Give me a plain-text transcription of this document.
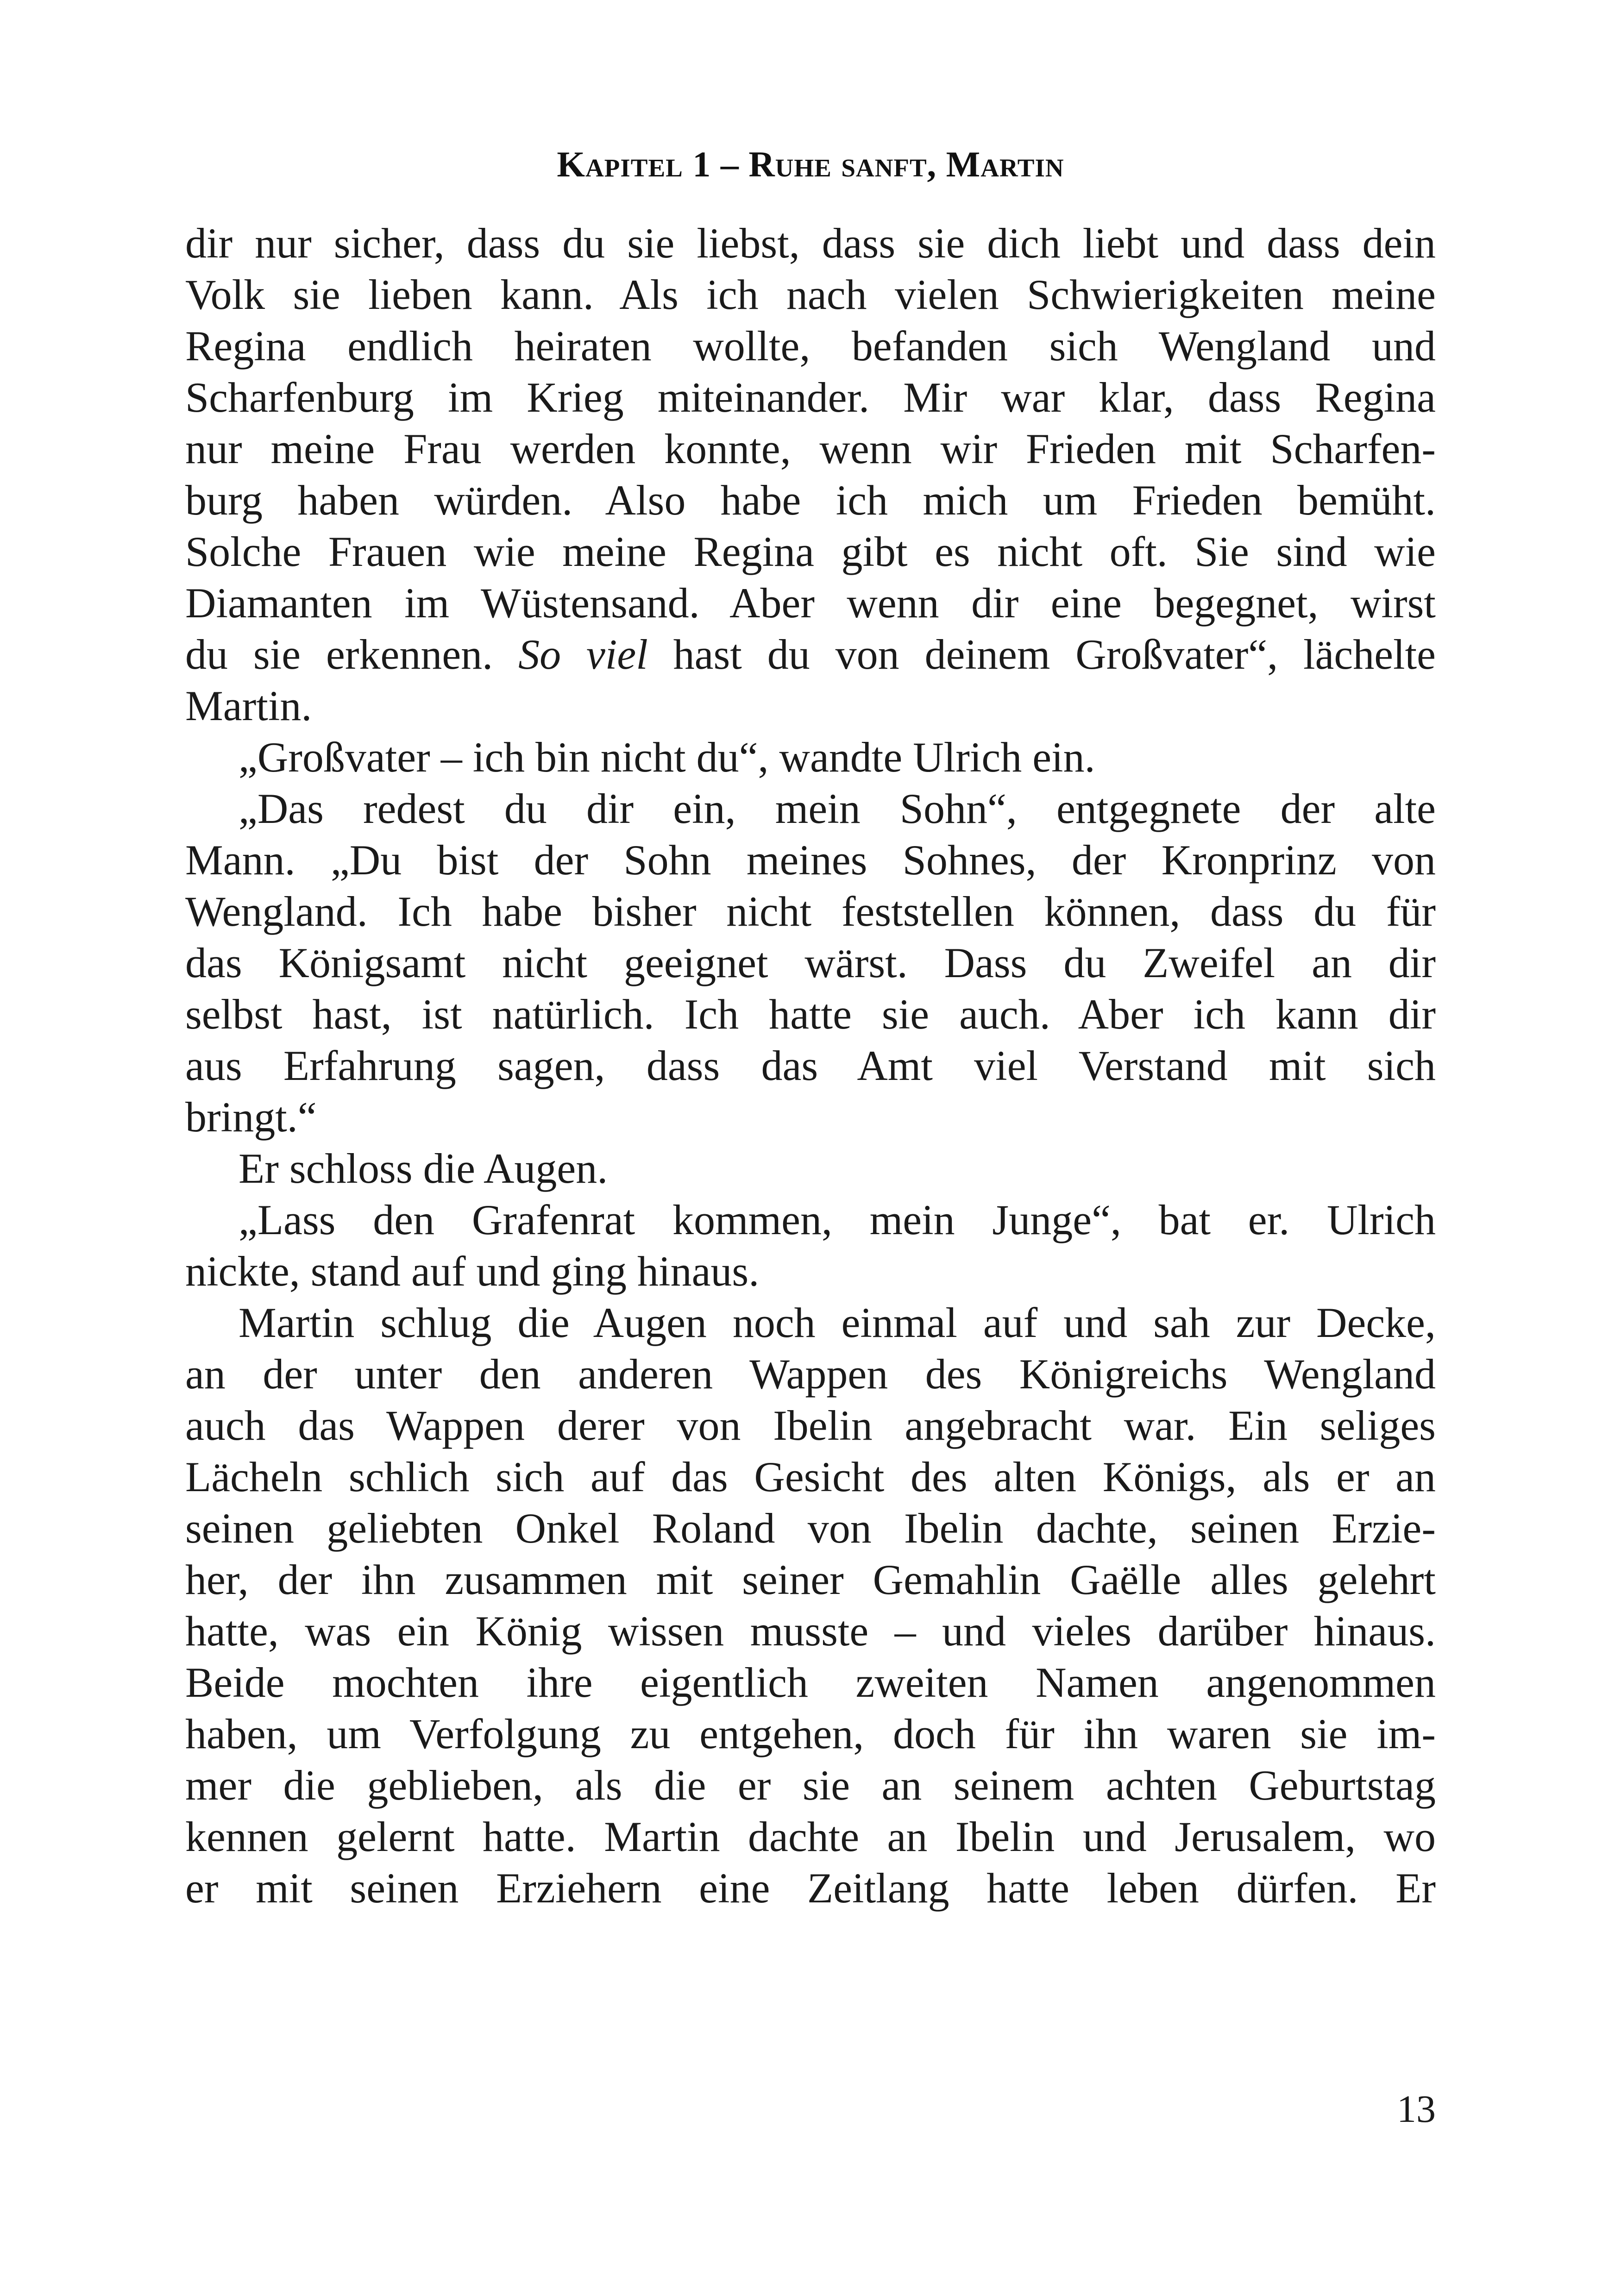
Kapitel 1 – Ruhe sanft, Martin
dir nur sicher, dass du sie liebst, dass sie dich liebt und dass dein
Volk sie lieben kann. Als ich nach vielen Schwierigkeiten meine
Regina endlich heiraten wollte, befanden sich Wengland und
Scharfenburg im Krieg miteinander. Mir war klar, dass Regina
nur meine Frau werden konnte, wenn wir Frieden mit Scharfen-
burg haben würden. Also habe ich mich um Frieden bemüht.
Solche Frauen wie meine Regina gibt es nicht oft. Sie sind wie
Diamanten im Wüstensand. Aber wenn dir eine begegnet, wirst
du sie erkennen. So viel hast du von deinem Großvater“, lächelte
Martin.
„Großvater – ich bin nicht du“, wandte Ulrich ein.
„Das redest du dir ein, mein Sohn“, entgegnete der alte
Mann. „Du bist der Sohn meines Sohnes, der Kronprinz von
Wengland. Ich habe bisher nicht feststellen können, dass du für
das Königsamt nicht geeignet wärst. Dass du Zweifel an dir
selbst hast, ist natürlich. Ich hatte sie auch. Aber ich kann dir
aus Erfahrung sagen, dass das Amt viel Verstand mit sich
bringt.“
Er schloss die Augen.
„Lass den Grafenrat kommen, mein Junge“, bat er. Ulrich
nickte, stand auf und ging hinaus.
Martin schlug die Augen noch einmal auf und sah zur Decke,
an der unter den anderen Wappen des Königreichs Wengland
auch das Wappen derer von Ibelin angebracht war. Ein seliges
Lächeln schlich sich auf das Gesicht des alten Königs, als er an
seinen geliebten Onkel Roland von Ibelin dachte, seinen Erzie-
her, der ihn zusammen mit seiner Gemahlin Gaëlle alles gelehrt
hatte, was ein König wissen musste – und vieles darüber hinaus.
Beide mochten ihre eigentlich zweiten Namen angenommen
haben, um Verfolgung zu entgehen, doch für ihn waren sie im-
mer die geblieben, als die er sie an seinem achten Geburtstag
kennen gelernt hatte. Martin dachte an Ibelin und Jerusalem, wo
er mit seinen Erziehern eine Zeitlang hatte leben dürfen. Er
13
